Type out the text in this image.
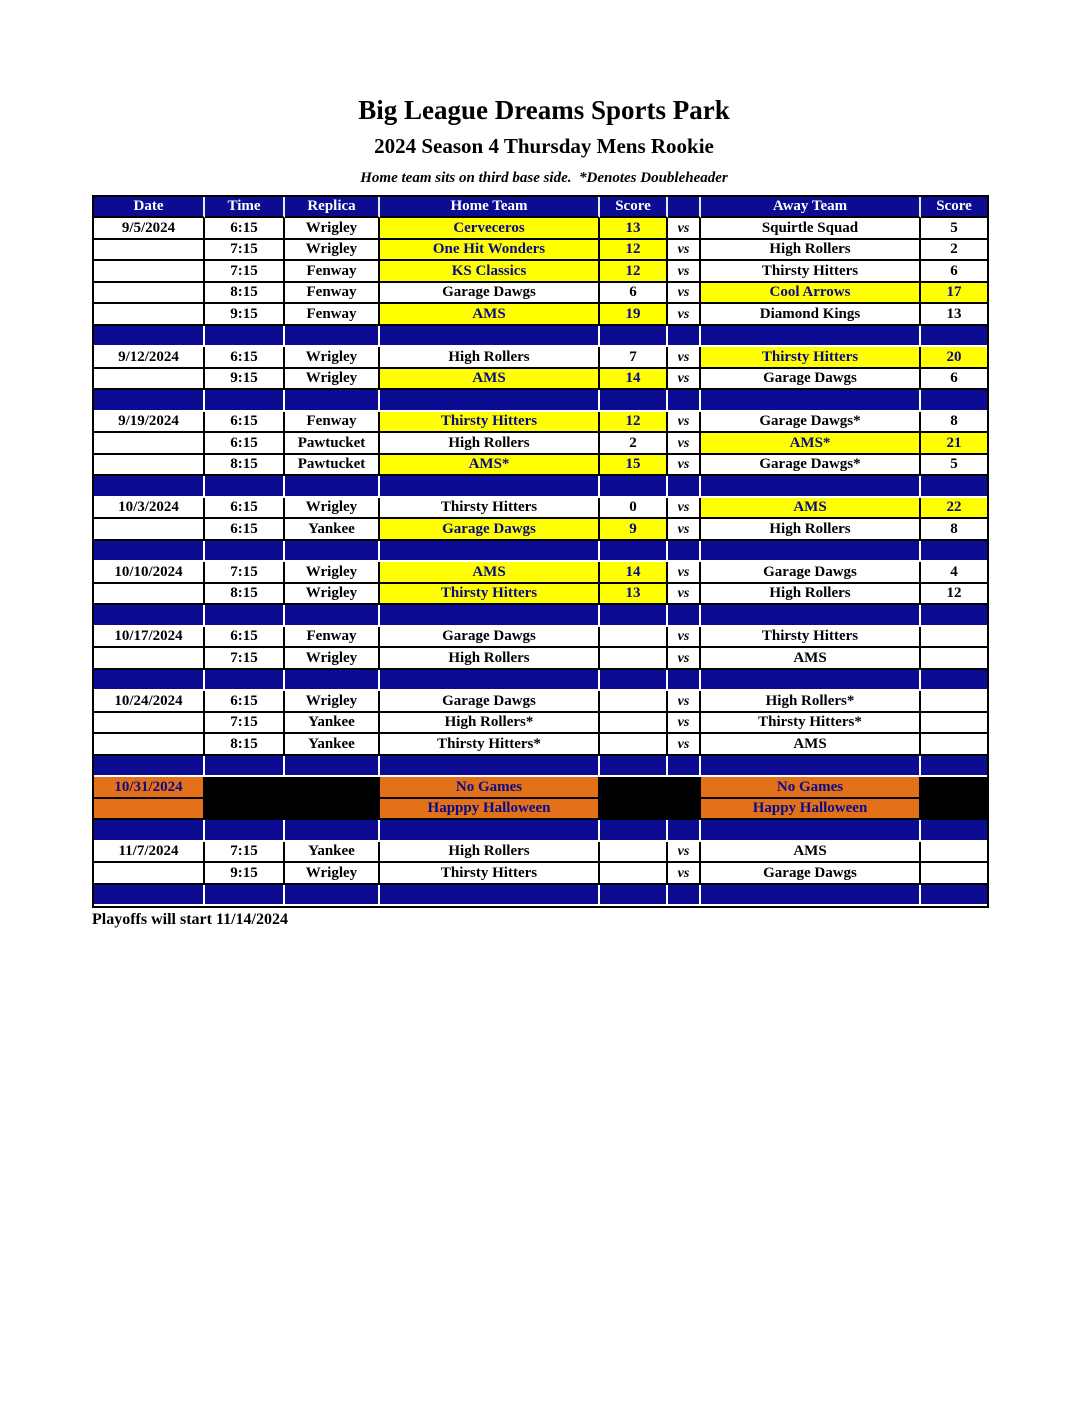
Big League Dreams Sports Park
2024 Season 4 Thursday Mens Rookie
Home team sits on third base side.  *Denotes Doubleheader
Date	Time	Replica	Home Team	Score		Away Team	Score
9/5/2024	6:15	Wrigley	Cerveceros	13	vs	Squirtle Squad	5
	7:15	Wrigley	One Hit Wonders	12	vs	High Rollers	2
	7:15	Fenway	KS Classics	12	vs	Thirsty Hitters	6
	8:15	Fenway	Garage Dawgs	6	vs	Cool Arrows	17
	9:15	Fenway	AMS	19	vs	Diamond Kings	13

9/12/2024	6:15	Wrigley	High Rollers	7	vs	Thirsty Hitters	20
	9:15	Wrigley	AMS	14	vs	Garage Dawgs	6

9/19/2024	6:15	Fenway	Thirsty Hitters	12	vs	Garage Dawgs*	8
	6:15	Pawtucket	High Rollers	2	vs	AMS*	21
	8:15	Pawtucket	AMS*	15	vs	Garage Dawgs*	5

10/3/2024	6:15	Wrigley	Thirsty Hitters	0	vs	AMS	22
	6:15	Yankee	Garage Dawgs	9	vs	High Rollers	8

10/10/2024	7:15	Wrigley	AMS	14	vs	Garage Dawgs	4
	8:15	Wrigley	Thirsty Hitters	13	vs	High Rollers	12

10/17/2024	6:15	Fenway	Garage Dawgs		vs	Thirsty Hitters	
	7:15	Wrigley	High Rollers		vs	AMS	

10/24/2024	6:15	Wrigley	Garage Dawgs		vs	High Rollers*	
	7:15	Yankee	High Rollers*		vs	Thirsty Hitters*	
	8:15	Yankee	Thirsty Hitters*		vs	AMS	

10/31/2024			No Games			No Games	
			Happpy Halloween			Happy Halloween	

11/7/2024	7:15	Yankee	High Rollers		vs	AMS	
	9:15	Wrigley	Thirsty Hitters		vs	Garage Dawgs	

Playoffs will start 11/14/2024
